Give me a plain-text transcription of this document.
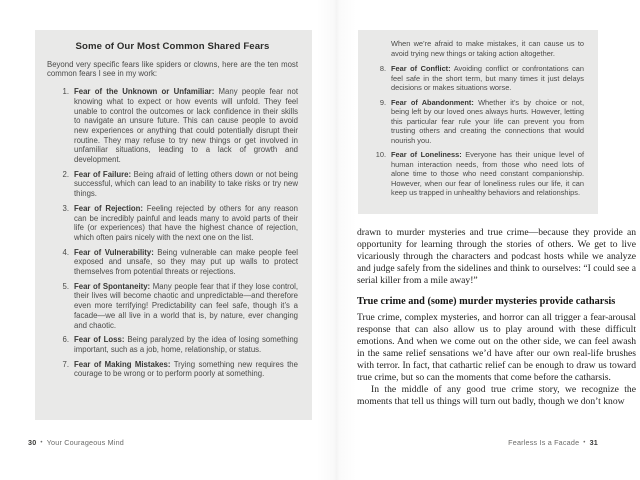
Some of Our Most Common Shared Fears
Beyond very specific fears like spiders or clowns, here are the ten most common fears I see in my work:
1. Fear of the Unknown or Unfamiliar: Many people fear not knowing what to expect or how events will unfold. They feel unable to control the outcomes or lack confidence in their skills to navigate an unsure future. This can cause people to avoid new experiences or anything that could potentially disrupt their routine. They may refuse to try new things or get involved in unfamiliar situations, leading to a lack of growth and development.
2. Fear of Failure: Being afraid of letting others down or not being successful, which can lead to an inability to take risks or try new things.
3. Fear of Rejection: Feeling rejected by others for any reason can be incredibly painful and leads many to avoid parts of their life (or experiences) that have the highest chance of rejection, which often pairs nicely with the next one on the list.
4. Fear of Vulnerability: Being vulnerable can make people feel exposed and unsafe, so they may put up walls to protect themselves from potential threats or rejections.
5. Fear of Spontaneity: Many people fear that if they lose control, their lives will become chaotic and unpredictable—and therefore even more terrifying! Predictability can feel safe, though it’s a facade—we all live in a world that is, by nature, ever changing and chaotic.
6. Fear of Loss: Being paralyzed by the idea of losing something important, such as a job, home, relationship, or status.
7. Fear of Making Mistakes: Trying something new requires the courage to be wrong or to perform poorly at something.
30 • Your Courageous Mind
When we’re afraid to make mistakes, it can cause us to avoid trying new things or taking action altogether.
8. Fear of Conflict: Avoiding conflict or confrontations can feel safe in the short term, but many times it just delays decisions or makes situations worse.
9. Fear of Abandonment: Whether it’s by choice or not, being left by our loved ones always hurts. However, letting this particular fear rule your life can prevent you from trusting others and creating the connections that would nourish you.
10. Fear of Loneliness: Everyone has their unique level of human interaction needs, from those who need lots of alone time to those who need constant companionship. However, when our fear of loneliness rules our life, it can keep us trapped in unhealthy behaviors and relationships.

drawn to murder mysteries and true crime—because they provide an opportunity for learning through the stories of others. We get to live vicariously through the characters and podcast hosts while we analyze and judge safely from the sidelines and think to ourselves: “I could see a serial killer from a mile away!”

True crime and (some) murder mysteries provide catharsis

True crime, complex mysteries, and horror can all trigger a fear-arousal response that can also allow us to play around with these difficult emotions. And when we come out on the other side, we can feel awash in the same relief sensations we’d have after our own real-life brushes with terror. In fact, that cathartic relief can be enough to draw us toward true crime, but so can the moments that come before the catharsis.

In the middle of any good true crime story, we recognize the moments that tell us things will turn out badly, though we don’t know

Fearless Is a Facade • 31
